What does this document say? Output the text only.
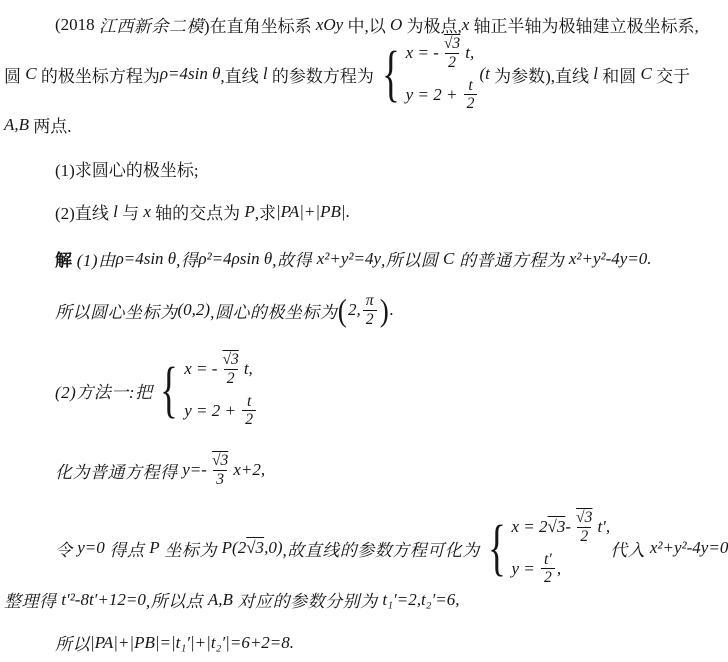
(2018 江西新余二模 )在直角坐标系 xOy 中,以 O 为极点, x 轴正半轴为极轴建立极坐标系,
圆 C 的极坐标方程为 ρ=4sin θ ,直线 l 的参数方程为 { x = - $\frac{√3}{2} t$,
$y = 2 + \frac{t}{2}$
(t 为参数),直线 l 和圆 C 交于
A,B 两点.
(1)求圆心的极坐标;
(2)直线 l 与 x 轴的交点为 P ,求 |PA|+|PB| .
解 (1)由 ρ=4sin θ ,得 ρ²=4ρsin θ ,故得 x²+y²=4y ,所以圆 C 的普通方程为 x²+y²-4y=0.
所以圆心坐标为 (0,2) ,圆心的极坐标为 ( 2, $\frac{\pi}{2}$ ) .
(2)方法一:把 { x = - $\frac{√3}{2} t$,
$y = 2 + \frac{t}{2}$
化为普通方程得 $y=- \frac{√3}{3} x+2$,
令 y=0 得点 P 坐标为 P(2 √3 ,0) ,故直线的参数方程可化为 { x = 2 $√3 - \frac{√3}{2} t'$,
$y = \frac{t'}{2}$ ,
代入 x²+y²-4y=0
整理得 t′²-8t′+12=0 ,所以点 A,B 对应的参数分别为 t₁′=2,t₂′=6,
所以 |PA|+|PB|=|t₁′|+|t₂′|=6+2=8.
